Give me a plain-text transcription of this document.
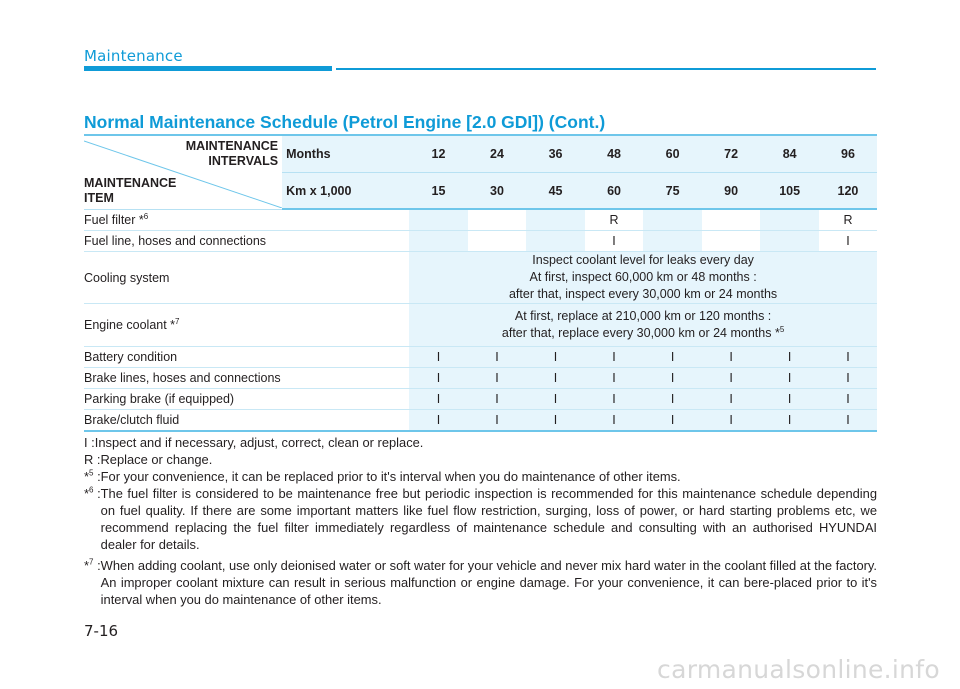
Maintenance
Normal Maintenance Schedule (Petrol Engine [2.0 GDI]) (Cont.)
MAINTENANCE
INTERVALS
MAINTENANCE
ITEM	Months	12	24	36	48	60	72	84	96
	Km x 1,000	15	30	45	60	75	90	105	120
Fuel filter *$^6$					R				R
Fuel line, hoses and connections					I				I
Cooling system		Inspect coolant level for leaks every day
At first, inspect 60,000 km or 48 months :
after that, inspect every 30,000 km or 24 months							

Engine coolant *$^7$		At first, replace at 210,000 km or 120 months :
after that, replace every 30,000 km or 24 months *$^5$

Battery condition		I	I	I	I	I	I	I	I
Brake lines, hoses and connections		I	I	I	I	I	I	I	I
Parking brake (if equipped)		I	I	I	I	I	I	I	I
Brake/clutch fluid		I	I	I	I	I	I	I	I
I : Inspect and if necessary, adjust, correct, clean or replace.
R : Replace or change.
*$^5$ : For your convenience, it can be replaced prior to it's interval when you do maintenance of other items.
*$^6$ : The fuel filter is considered to be maintenance free but periodic inspection is recommended for this maintenance schedule depending on fuel quality. If there are some important matters like fuel flow restriction, surging, loss of power, or hard starting problems etc, we recommend replacing the fuel filter immediately regardless of maintenance schedule and consulting with an authorised HYUNDAI dealer for details.
*$^7$ : When adding coolant, use only deionised water or soft water for your vehicle and never mix hard water in the coolant filled at the factory. An improper coolant mixture can result in serious malfunction or engine damage. For your convenience, it can bere-placed prior to it's interval when you do maintenance of other items.
7-16
carmanualsonline.info
